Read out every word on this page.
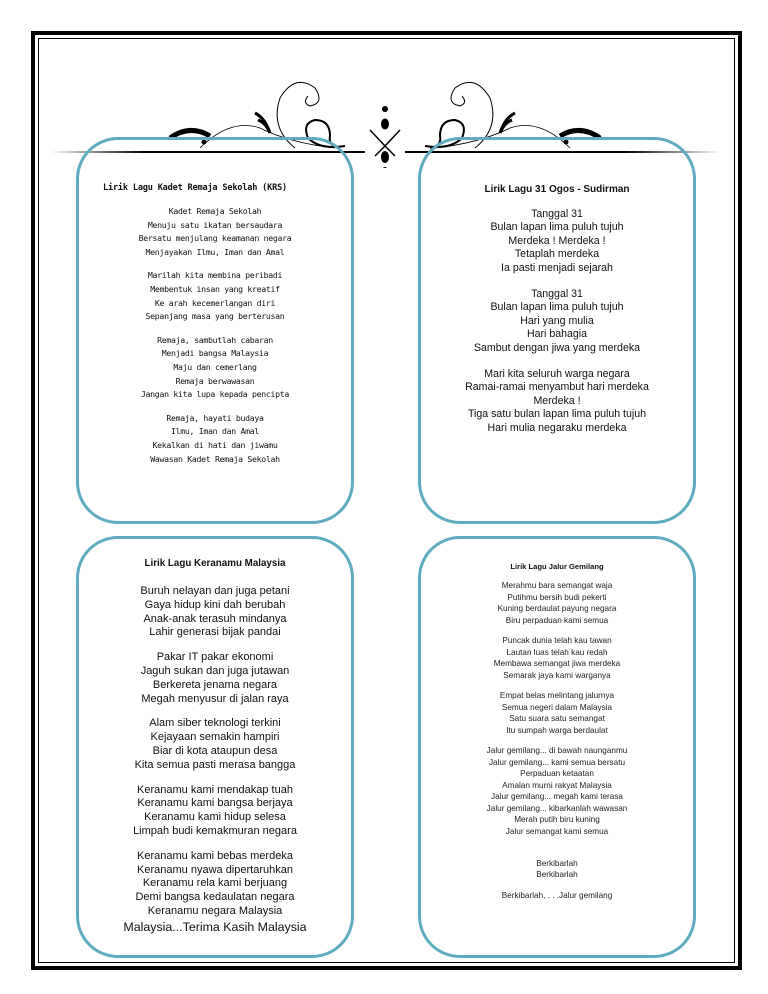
Lirik Lagu Kadet Remaja Sekolah (KRS)
Kadet Remaja Sekolah
Menuju satu ikatan bersaudara
Bersatu menjulang keamanan negara
Menjayakan Ilmu, Iman dan Amal
Marilah kita membina peribadi
Membentuk insan yang kreatif
Ke arah kecemerlangan diri
Sepanjang masa yang berterusan
Remaja, sambutlah cabaran
Menjadi bangsa Malaysia
Maju dan cemerlang
Remaja berwawasan
Jangan kita lupa kepada pencipta
Remaja, hayati budaya
Ilmu, Iman dan Amal
Kekalkan di hati dan jiwamu
Wawasan Kadet Remaja Sekolah
Lirik Lagu 31 Ogos - Sudirman
Tanggal 31
Bulan lapan lima puluh tujuh
Merdeka ! Merdeka !
Tetaplah merdeka
Ia pasti menjadi sejarah
Tanggal 31
Bulan lapan lima puluh tujuh
Hari yang mulia
Hari bahagia
Sambut dengan jiwa yang merdeka
Mari kita seluruh warga negara
Ramai-ramai menyambut hari merdeka
Merdeka !
Tiga satu bulan lapan lima puluh tujuh
Hari mulia negaraku merdeka
Lirik Lagu Keranamu Malaysia
Buruh nelayan dan juga petani
Gaya hidup kini dah berubah
Anak-anak terasuh mindanya
Lahir generasi bijak pandai
Pakar IT pakar ekonomi
Jaguh sukan dan juga jutawan
Berkereta jenama negara
Megah menyusur di jalan raya
Alam siber teknologi terkini
Kejayaan semakin hampiri
Biar di kota ataupun desa
Kita semua pasti merasa bangga
Keranamu kami mendakap tuah
Keranamu kami bangsa berjaya
Keranamu kami hidup selesa
Limpah budi kemakmuran negara
Keranamu kami bebas merdeka
Keranamu nyawa dipertaruhkan
Keranamu rela kami berjuang
Demi bangsa kedaulatan negara
Keranamu negara Malaysia
Malaysia...Terima Kasih Malaysia
Lirik Lagu Jalur Gemilang
Merahmu bara semangat waja
Putihmu bersih budi pekerti
Kuning berdaulat payung negara
Biru perpaduan kami semua
Puncak dunia telah kau tawan
Lautan luas telah kau redah
Membawa semangat jiwa merdeka
Semarak jaya kami warganya
Empat belas melintang jalurnya
Semua negeri dalam Malaysia
Satu suara satu semangat
Itu sumpah warga berdaulat
Jalur gemilang... di bawah naunganmu
Jalur gemilang... kami semua bersatu
Perpaduan ketaatan
Amalan murni rakyat Malaysia
Jalur gemilang... megah kami terasa
Jalur gemilang... kibarkanlah wawasan
Merah putih biru kuning
Jalur semangat kami semua

Berkibarlah
Berkibarlah
Berkibarlah, . . .Jalur gemilang
